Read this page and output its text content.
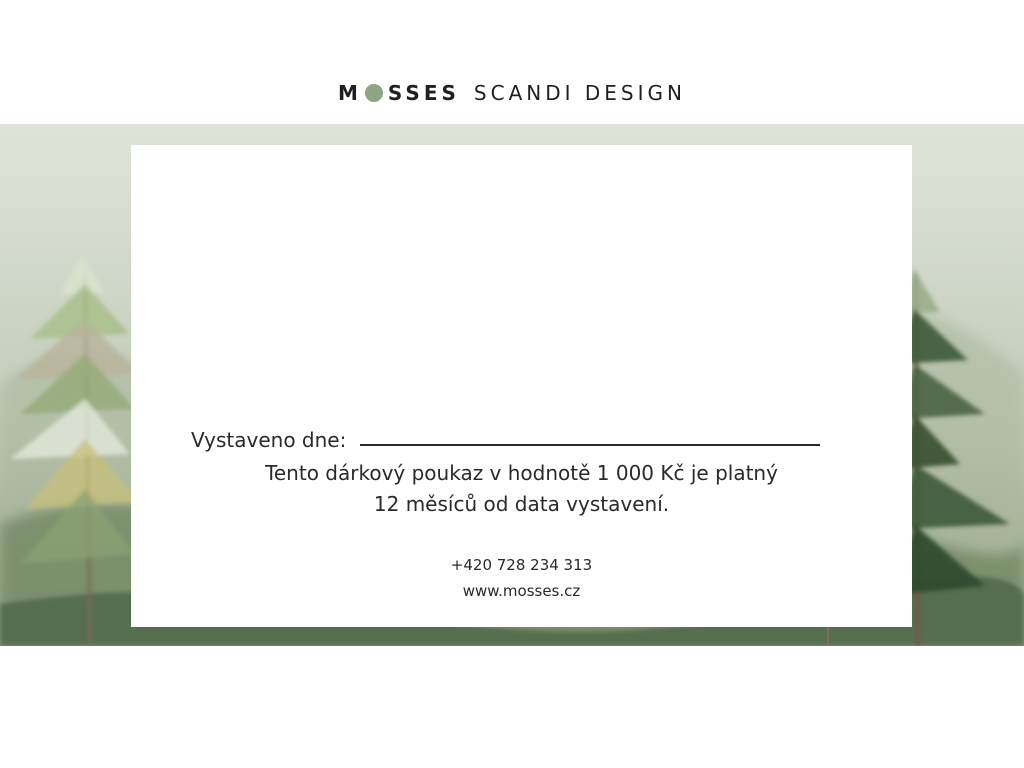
M SSES SCANDI DESIGN
Vystaveno dne:
Tento dárkový poukaz v hodnotě 1 000 Kč je platný
12 měsíců od data vystavení.
+420 728 234 313
www.mosses.cz
